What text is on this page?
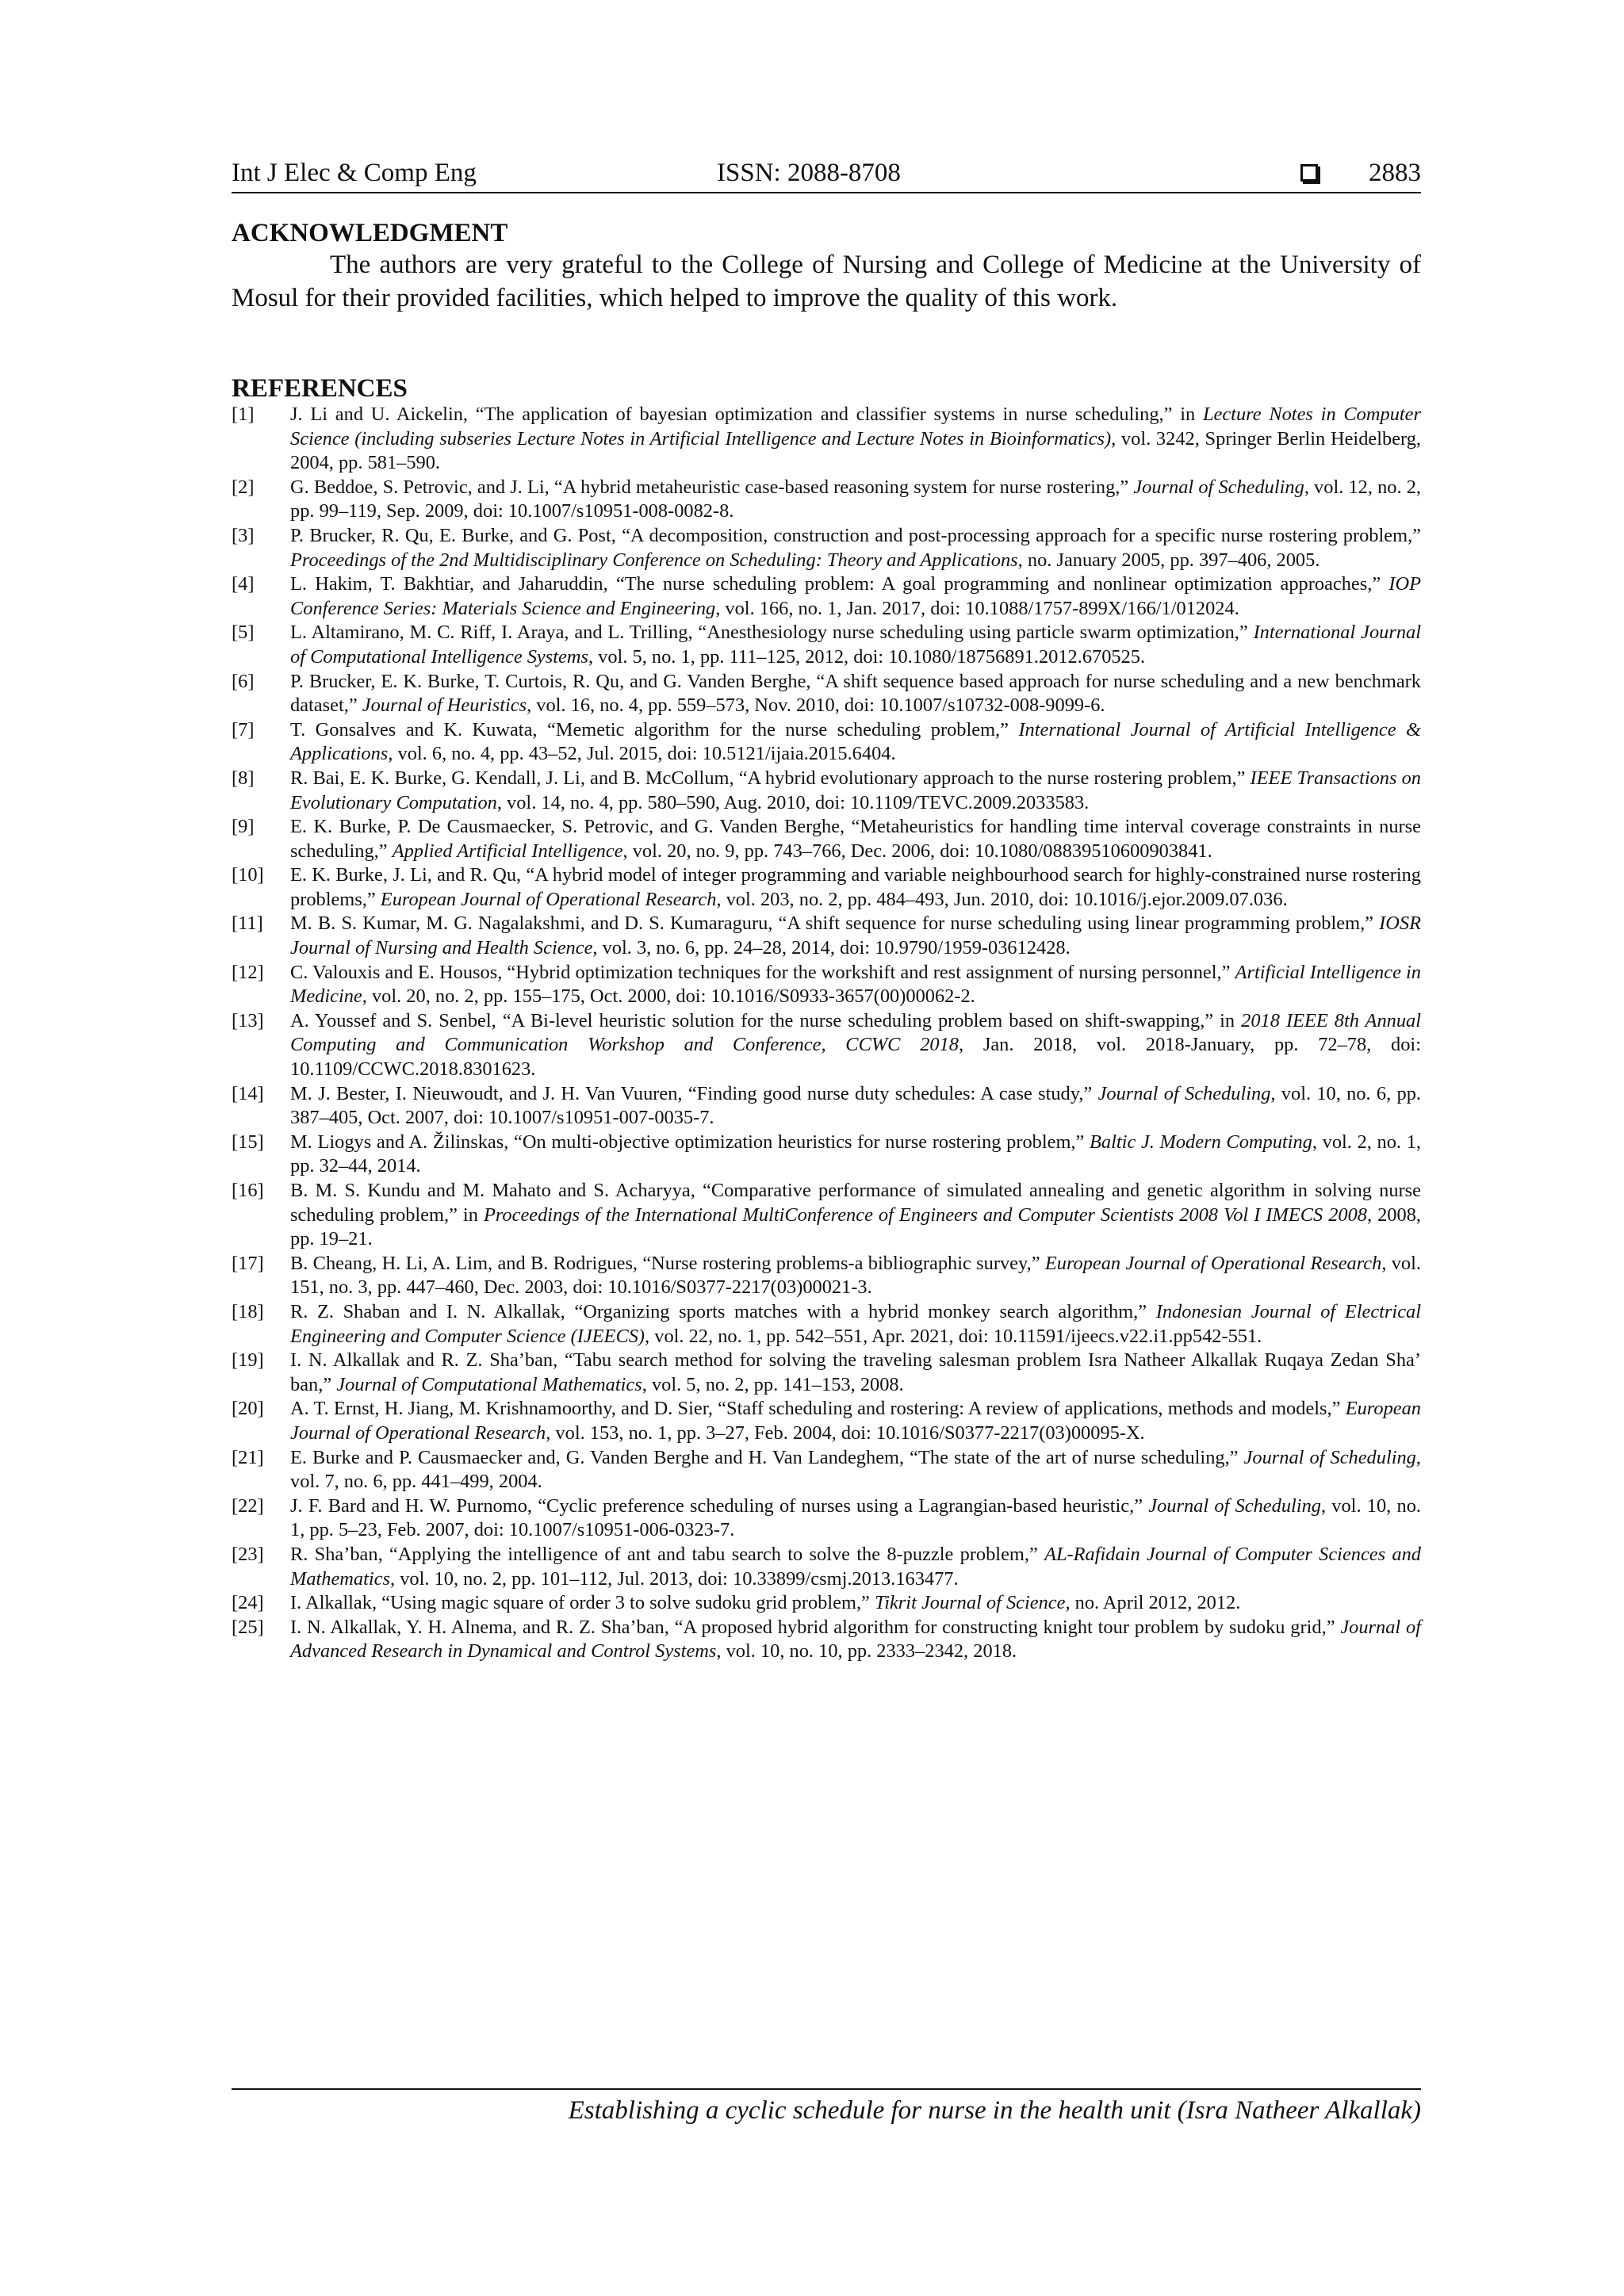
Int J Elec & Comp Eng	ISSN: 2088-8708	2883
ACKNOWLEDGMENT
The authors are very grateful to the College of Nursing and College of Medicine at the University of Mosul for their provided facilities, which helped to improve the quality of this work.
REFERENCES
[1]	J. Li and U. Aickelin, “The application of bayesian optimization and classifier systems in nurse scheduling,” in Lecture Notes in Computer Science (including subseries Lecture Notes in Artificial Intelligence and Lecture Notes in Bioinformatics), vol. 3242, Springer Berlin Heidelberg, 2004, pp. 581–590.
[2]	G. Beddoe, S. Petrovic, and J. Li, “A hybrid metaheuristic case-based reasoning system for nurse rostering,” Journal of Scheduling, vol. 12, no. 2, pp. 99–119, Sep. 2009, doi: 10.1007/s10951-008-0082-8.
[3]	P. Brucker, R. Qu, E. Burke, and G. Post, “A decomposition, construction and post-processing approach for a specific nurse rostering problem,” Proceedings of the 2nd Multidisciplinary Conference on Scheduling: Theory and Applications, no. January 2005, pp. 397–406, 2005.
[4]	L. Hakim, T. Bakhtiar, and Jaharuddin, “The nurse scheduling problem: A goal programming and nonlinear optimization approaches,” IOP Conference Series: Materials Science and Engineering, vol. 166, no. 1, Jan. 2017, doi: 10.1088/1757-899X/166/1/012024.
[5]	L. Altamirano, M. C. Riff, I. Araya, and L. Trilling, “Anesthesiology nurse scheduling using particle swarm optimization,” International Journal of Computational Intelligence Systems, vol. 5, no. 1, pp. 111–125, 2012, doi: 10.1080/18756891.2012.670525.
[6]	P. Brucker, E. K. Burke, T. Curtois, R. Qu, and G. Vanden Berghe, “A shift sequence based approach for nurse scheduling and a new benchmark dataset,” Journal of Heuristics, vol. 16, no. 4, pp. 559–573, Nov. 2010, doi: 10.1007/s10732-008-9099-6.
[7]	T. Gonsalves and K. Kuwata, “Memetic algorithm for the nurse scheduling problem,” International Journal of Artificial Intelligence & Applications, vol. 6, no. 4, pp. 43–52, Jul. 2015, doi: 10.5121/ijaia.2015.6404.
[8]	R. Bai, E. K. Burke, G. Kendall, J. Li, and B. McCollum, “A hybrid evolutionary approach to the nurse rostering problem,” IEEE Transactions on Evolutionary Computation, vol. 14, no. 4, pp. 580–590, Aug. 2010, doi: 10.1109/TEVC.2009.2033583.
[9]	E. K. Burke, P. De Causmaecker, S. Petrovic, and G. Vanden Berghe, “Metaheuristics for handling time interval coverage constraints in nurse scheduling,” Applied Artificial Intelligence, vol. 20, no. 9, pp. 743–766, Dec. 2006, doi: 10.1080/08839510600903841.
[10]	E. K. Burke, J. Li, and R. Qu, “A hybrid model of integer programming and variable neighbourhood search for highly-constrained nurse rostering problems,” European Journal of Operational Research, vol. 203, no. 2, pp. 484–493, Jun. 2010, doi: 10.1016/j.ejor.2009.07.036.
[11]	M. B. S. Kumar, M. G. Nagalakshmi, and D. S. Kumaraguru, “A shift sequence for nurse scheduling using linear programming problem,” IOSR Journal of Nursing and Health Science, vol. 3, no. 6, pp. 24–28, 2014, doi: 10.9790/1959-03612428.
[12]	C. Valouxis and E. Housos, “Hybrid optimization techniques for the workshift and rest assignment of nursing personnel,” Artificial Intelligence in Medicine, vol. 20, no. 2, pp. 155–175, Oct. 2000, doi: 10.1016/S0933-3657(00)00062-2.
[13]	A. Youssef and S. Senbel, “A Bi-level heuristic solution for the nurse scheduling problem based on shift-swapping,” in 2018 IEEE 8th Annual Computing and Communication Workshop and Conference, CCWC 2018, Jan. 2018, vol. 2018-January, pp. 72–78, doi: 10.1109/CCWC.2018.8301623.
[14]	M. J. Bester, I. Nieuwoudt, and J. H. Van Vuuren, “Finding good nurse duty schedules: A case study,” Journal of Scheduling, vol. 10, no. 6, pp. 387–405, Oct. 2007, doi: 10.1007/s10951-007-0035-7.
[15]	M. Liogys and A. Žilinskas, “On multi-objective optimization heuristics for nurse rostering problem,” Baltic J. Modern Computing, vol. 2, no. 1, pp. 32–44, 2014.
[16]	B. M. S. Kundu and M. Mahato and S. Acharyya, “Comparative performance of simulated annealing and genetic algorithm in solving nurse scheduling problem,” in Proceedings of the International MultiConference of Engineers and Computer Scientists 2008 Vol I IMECS 2008, 2008, pp. 19–21.
[17]	B. Cheang, H. Li, A. Lim, and B. Rodrigues, “Nurse rostering problems-a bibliographic survey,” European Journal of Operational Research, vol. 151, no. 3, pp. 447–460, Dec. 2003, doi: 10.1016/S0377-2217(03)00021-3.
[18]	R. Z. Shaban and I. N. Alkallak, “Organizing sports matches with a hybrid monkey search algorithm,” Indonesian Journal of Electrical Engineering and Computer Science (IJEECS), vol. 22, no. 1, pp. 542–551, Apr. 2021, doi: 10.11591/ijeecs.v22.i1.pp542-551.
[19]	I. N. Alkallak and R. Z. Sha’ban, “Tabu search method for solving the traveling salesman problem Isra Natheer Alkallak Ruqaya Zedan Sha’ ban,” Journal of Computational Mathematics, vol. 5, no. 2, pp. 141–153, 2008.
[20]	A. T. Ernst, H. Jiang, M. Krishnamoorthy, and D. Sier, “Staff scheduling and rostering: A review of applications, methods and models,” European Journal of Operational Research, vol. 153, no. 1, pp. 3–27, Feb. 2004, doi: 10.1016/S0377-2217(03)00095-X.
[21]	E. Burke and P. Causmaecker and, G. Vanden Berghe and H. Van Landeghem, “The state of the art of nurse scheduling,” Journal of Scheduling, vol. 7, no. 6, pp. 441–499, 2004.
[22]	J. F. Bard and H. W. Purnomo, “Cyclic preference scheduling of nurses using a Lagrangian-based heuristic,” Journal of Scheduling, vol. 10, no. 1, pp. 5–23, Feb. 2007, doi: 10.1007/s10951-006-0323-7.
[23]	R. Sha’ban, “Applying the intelligence of ant and tabu search to solve the 8-puzzle problem,” AL-Rafidain Journal of Computer Sciences and Mathematics, vol. 10, no. 2, pp. 101–112, Jul. 2013, doi: 10.33899/csmj.2013.163477.
[24]	I. Alkallak, “Using magic square of order 3 to solve sudoku grid problem,” Tikrit Journal of Science, no. April 2012, 2012.
[25]	I. N. Alkallak, Y. H. Alnema, and R. Z. Sha’ban, “A proposed hybrid algorithm for constructing knight tour problem by sudoku grid,” Journal of Advanced Research in Dynamical and Control Systems, vol. 10, no. 10, pp. 2333–2342, 2018.
Establishing a cyclic schedule for nurse in the health unit (Isra Natheer Alkallak)
